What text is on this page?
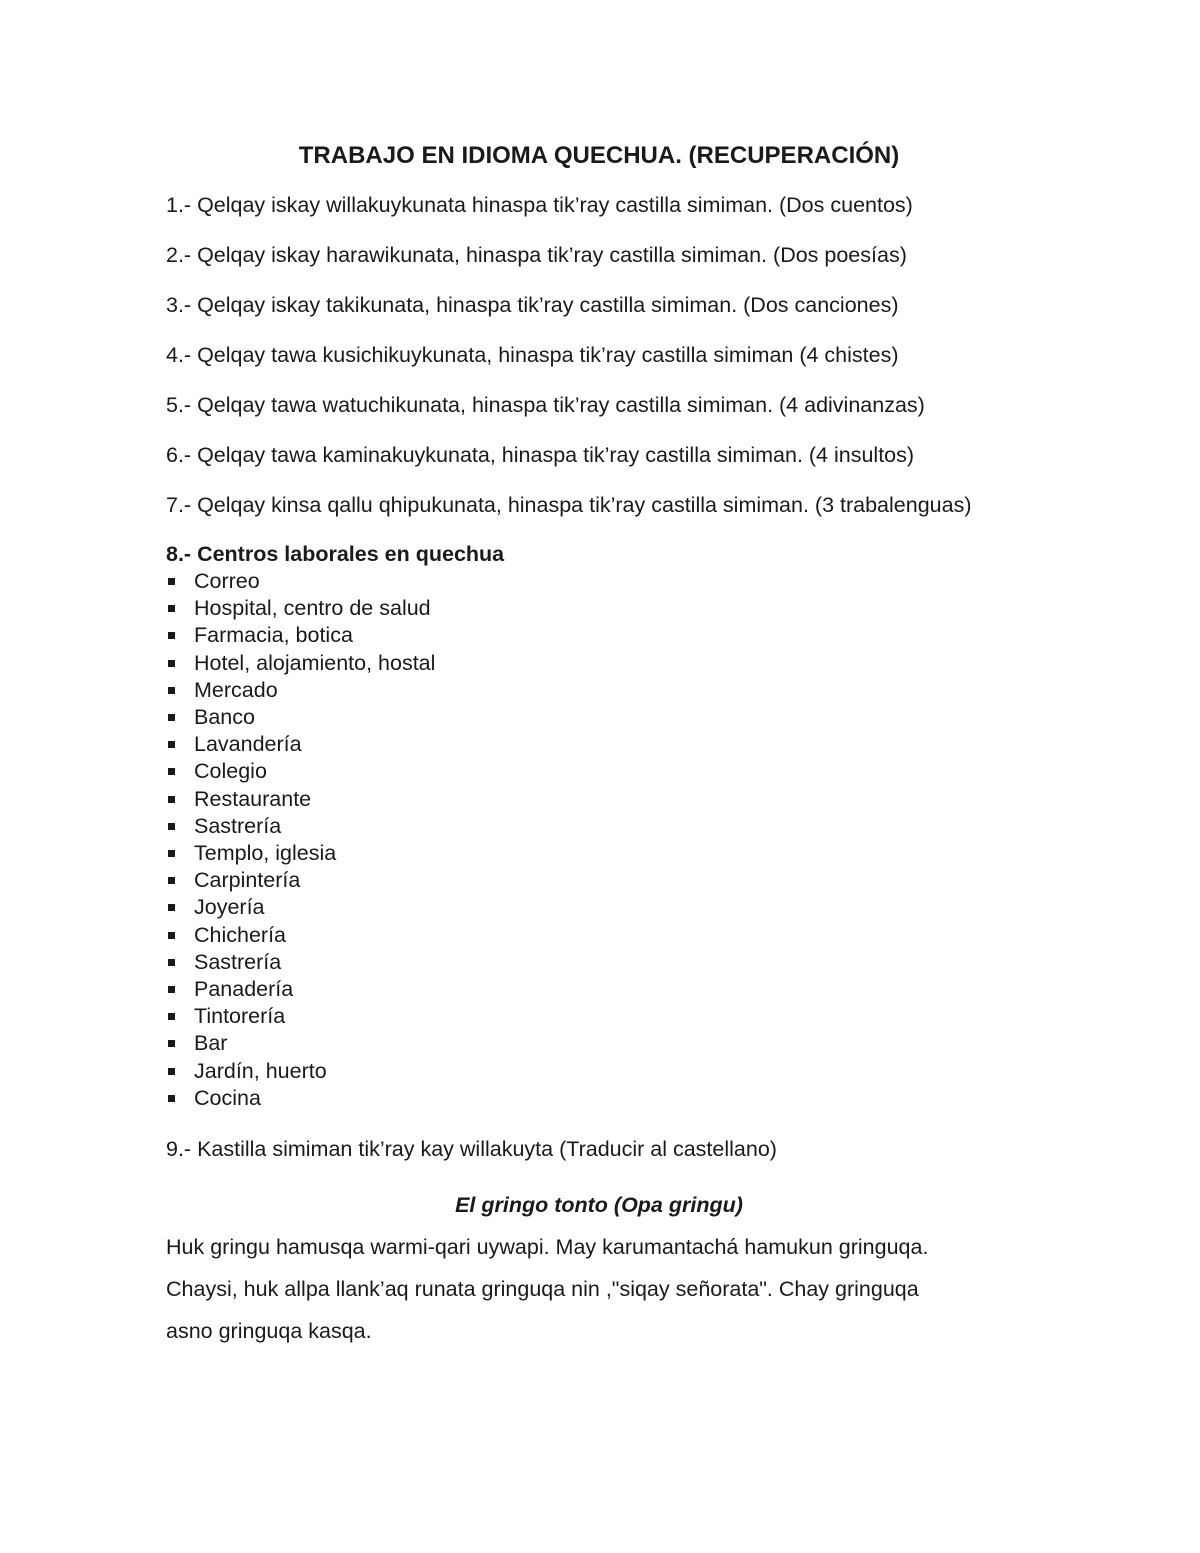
TRABAJO EN IDIOMA QUECHUA. (RECUPERACIÓN)

1.- Qelqay iskay willakuykunata hinaspa tik’ray castilla simiman. (Dos cuentos)

2.- Qelqay iskay harawikunata, hinaspa tik’ray castilla simiman. (Dos poesías)

3.- Qelqay iskay takikunata, hinaspa tik’ray castilla simiman. (Dos canciones)

4.- Qelqay tawa kusichikuykunata, hinaspa tik’ray castilla simiman (4 chistes)

5.- Qelqay tawa watuchikunata, hinaspa tik’ray castilla simiman. (4 adivinanzas)

6.- Qelqay tawa kaminakuykunata, hinaspa tik’ray castilla simiman. (4 insultos)

7.- Qelqay kinsa qallu qhipukunata, hinaspa tik’ray castilla simiman. (3 trabalenguas)

8.- Centros laborales en quechua

Correo
Hospital, centro de salud
Farmacia, botica
Hotel, alojamiento, hostal
Mercado
Banco
Lavandería
Colegio
Restaurante
Sastrería
Templo, iglesia
Carpintería
Joyería
Chichería
Sastrería
Panadería
Tintorería
Bar
Jardín, huerto
Cocina

9.- Kastilla simiman tik’ray kay willakuyta (Traducir al castellano)

El gringo tonto (Opa gringu)

Huk gringu hamusqa warmi-qari uywapi. May karumantachá hamukun gringuqa.

Chaysi, huk allpa llank’aq runata gringuqa nin ,"siqay señorata". Chay gringuqa

asno gringuqa kasqa.
